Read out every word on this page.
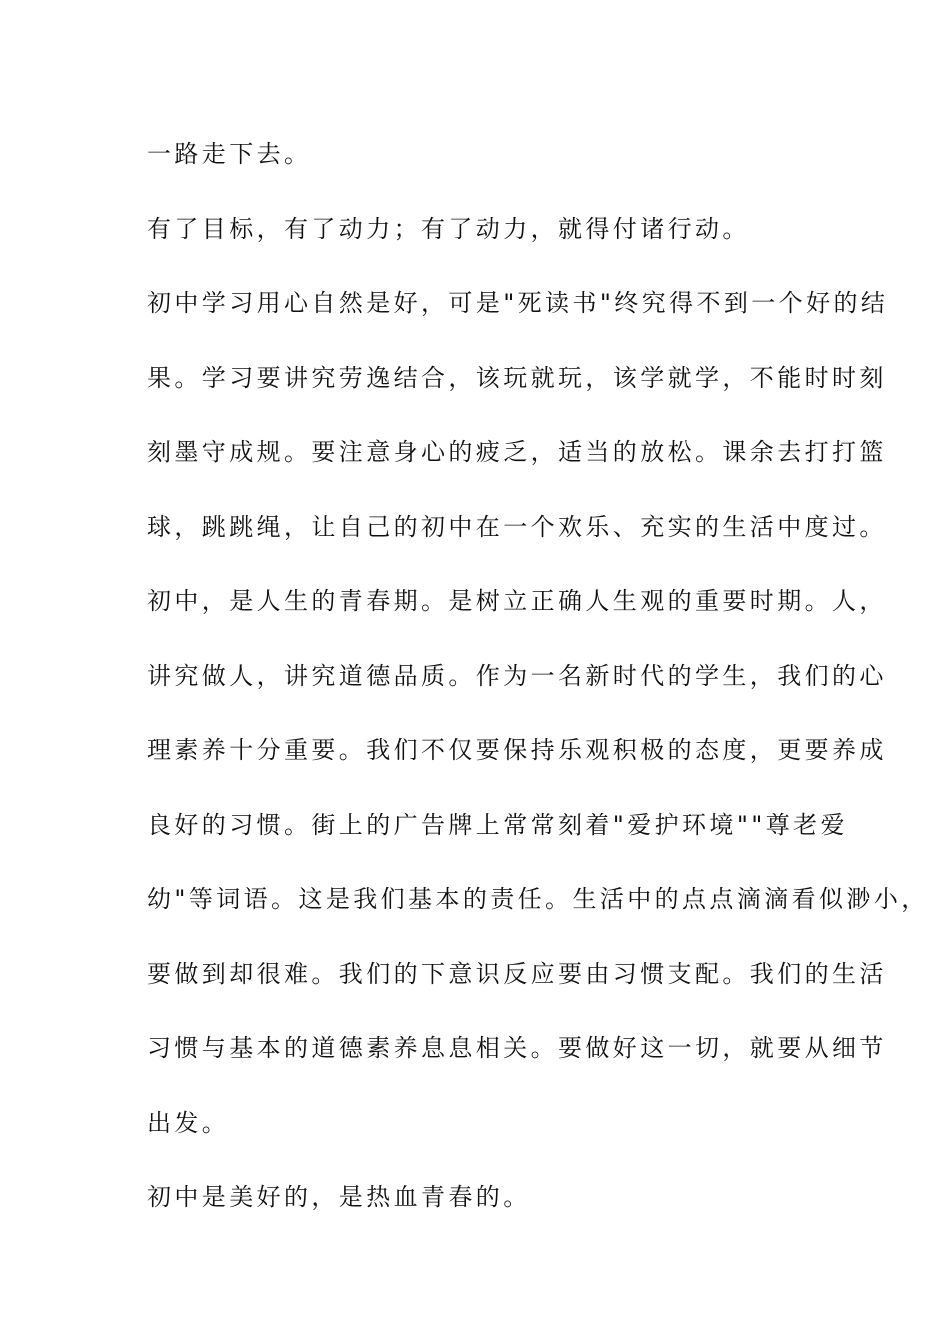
一路走下去。
有了目标，有了动力；有了动力，就得付诸行动。
初中学习用心自然是好，可是"死读书"终究得不到一个好的结
果。学习要讲究劳逸结合，该玩就玩，该学就学，不能时时刻
刻墨守成规。要注意身心的疲乏，适当的放松。课余去打打篮
球，跳跳绳，让自己的初中在一个欢乐、充实的生活中度过。
初中，是人生的青春期。是树立正确人生观的重要时期。人，
讲究做人，讲究道德品质。作为一名新时代的学生，我们的心
理素养十分重要。我们不仅要保持乐观积极的态度，更要养成
良好的习惯。街上的广告牌上常常刻着"爱护环境""尊老爱
幼"等词语。这是我们基本的责任。生活中的点点滴滴看似渺小，
要做到却很难。我们的下意识反应要由习惯支配。我们的生活
习惯与基本的道德素养息息相关。要做好这一切，就要从细节
出发。
初中是美好的，是热血青春的。
